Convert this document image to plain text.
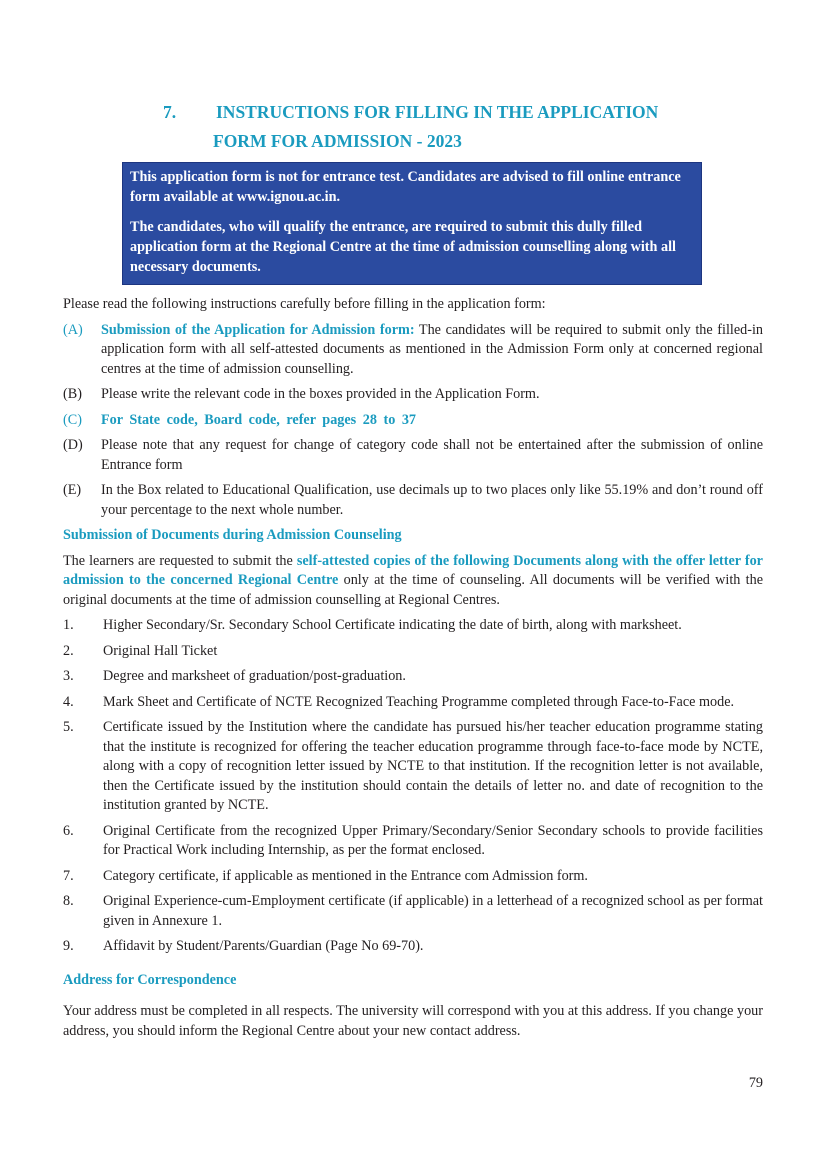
7. INSTRUCTIONS FOR FILLING IN THE APPLICATION
FORM FOR ADMISSION - 2023

This application form is not for entrance test. Candidates are advised to fill online entrance form available at www.ignou.ac.in.

The candidates, who will qualify the entrance, are required to submit this dully filled application form at the Regional Centre at the time of admission counselling along with all necessary documents.

Please read the following instructions carefully before filling in the application form:

(A)	Submission of the Application for Admission form: The candidates will be required to submit only the filled-in application form with all self-attested documents as mentioned in the Admission Form only at concerned regional centres at the time of admission counselling.
(B)	Please write the relevant code in the boxes provided in the Application Form.
(C)	For State code, Board code, refer pages 28 to 37
(D)	Please note that any request for change of category code shall not be entertained after the submission of online Entrance form
(E)	In the Box related to Educational Qualification, use decimals up to two places only like 55.19% and don’t round off your percentage to the next whole number.

Submission of Documents during Admission Counseling

The learners are requested to submit the self-attested copies of the following Documents along with the offer letter for admission to the concerned Regional Centre only at the time of counseling. All documents will be verified with the original documents at the time of admission counselling at Regional Centres.

1.	Higher Secondary/Sr. Secondary School Certificate indicating the date of birth, along with marksheet.
2.	Original Hall Ticket
3.	Degree and marksheet of graduation/post-graduation.
4.	Mark Sheet and Certificate of NCTE Recognized Teaching Programme completed through Face-to-Face mode.
5.	Certificate issued by the Institution where the candidate has pursued his/her teacher education programme stating that the institute is recognized for offering the teacher education programme through face-to-face mode by NCTE, along with a copy of recognition letter issued by NCTE to that institution. If the recognition letter is not available, then the Certificate issued by the institution should contain the details of letter no. and date of recognition to the institution granted by NCTE.
6.	Original Certificate from the recognized Upper Primary/Secondary/Senior Secondary schools to provide facilities for Practical Work including Internship, as per the format enclosed.
7.	Category certificate, if applicable as mentioned in the Entrance com Admission form.
8.	Original Experience-cum-Employment certificate (if applicable) in a letterhead of a recognized school as per format given in Annexure 1.
9.	Affidavit by Student/Parents/Guardian (Page No 69-70).

Address for Correspondence

Your address must be completed in all respects. The university will correspond with you at this address. If you change your address, you should inform the Regional Centre about your new contact address.

79
